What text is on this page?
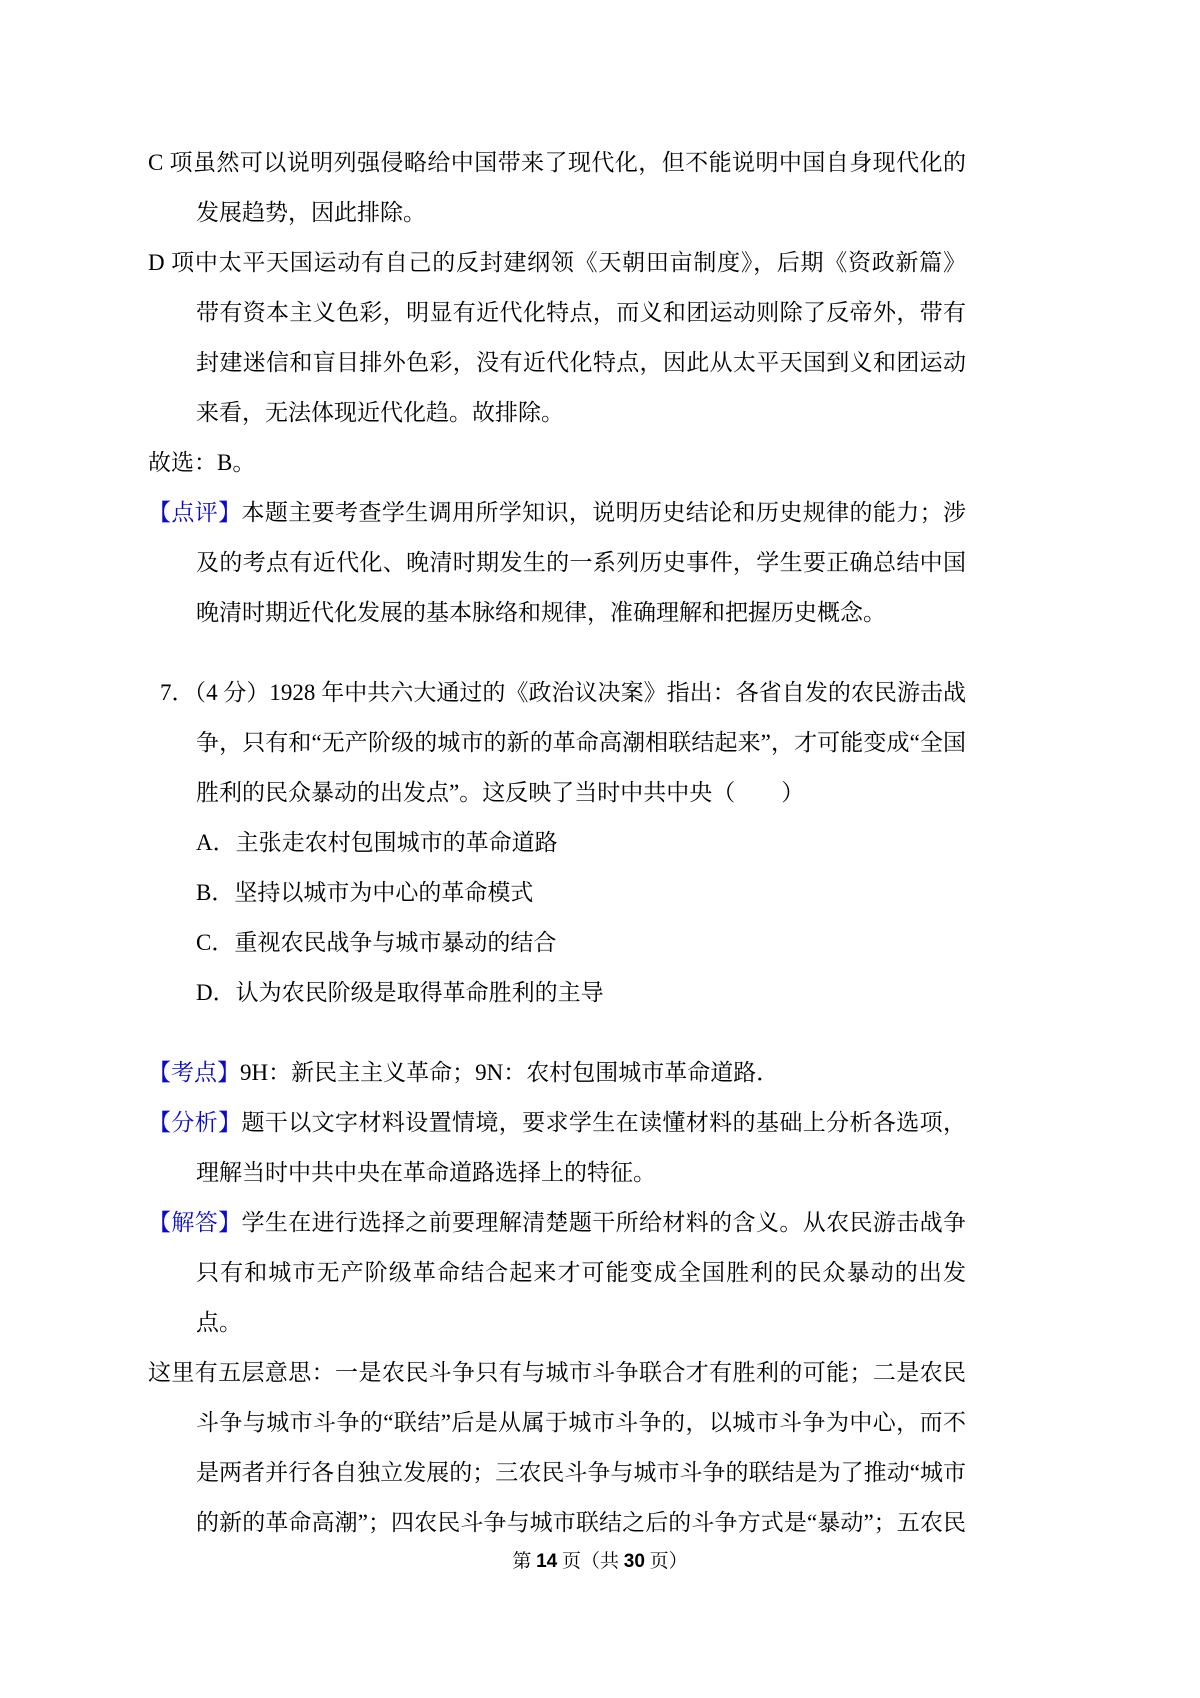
C 项虽然可以说明列强侵略给中国带来了现代化，但不能说明中国自身现代化的
发展趋势，因此排除。
D 项中太平天国运动有自己的反封建纲领《天朝田亩制度》，后期《资政新篇》
带有资本主义色彩，明显有近代化特点，而义和团运动则除了反帝外，带有
封建迷信和盲目排外色彩，没有近代化特点，因此从太平天国到义和团运动
来看，无法体现近代化趋。故排除。
故选：B。
【点评】本题主要考查学生调用所学知识，说明历史结论和历史规律的能力；涉
及的考点有近代化、晚清时期发生的一系列历史事件，学生要正确总结中国
晚清时期近代化发展的基本脉络和规律，准确理解和把握历史概念。
7．（4 分）1928 年中共六大通过的《政治议决案》指出：各省自发的农民游击战
争，只有和“无产阶级的城市的新的革命高潮相联结起来”，才可能变成“全国
胜利的民众暴动的出发点”。这反映了当时中共中央（　　）
A．主张走农村包围城市的革命道路
B．坚持以城市为中心的革命模式
C．重视农民战争与城市暴动的结合
D．认为农民阶级是取得革命胜利的主导
【考点】9H：新民主主义革命；9N：农村包围城市革命道路．
【分析】题干以文字材料设置情境，要求学生在读懂材料的基础上分析各选项，
理解当时中共中央在革命道路选择上的特征。
【解答】学生在进行选择之前要理解清楚题干所给材料的含义。从农民游击战争
只有和城市无产阶级革命结合起来才可能变成全国胜利的民众暴动的出发
点。
这里有五层意思：一是农民斗争只有与城市斗争联合才有胜利的可能；二是农民
斗争与城市斗争的“联结”后是从属于城市斗争的，以城市斗争为中心，而不
是两者并行各自独立发展的；三农民斗争与城市斗争的联结是为了推动“城市
的新的革命高潮”；四农民斗争与城市联结之后的斗争方式是“暴动”；五农民
第 14 页（共 30 页）
